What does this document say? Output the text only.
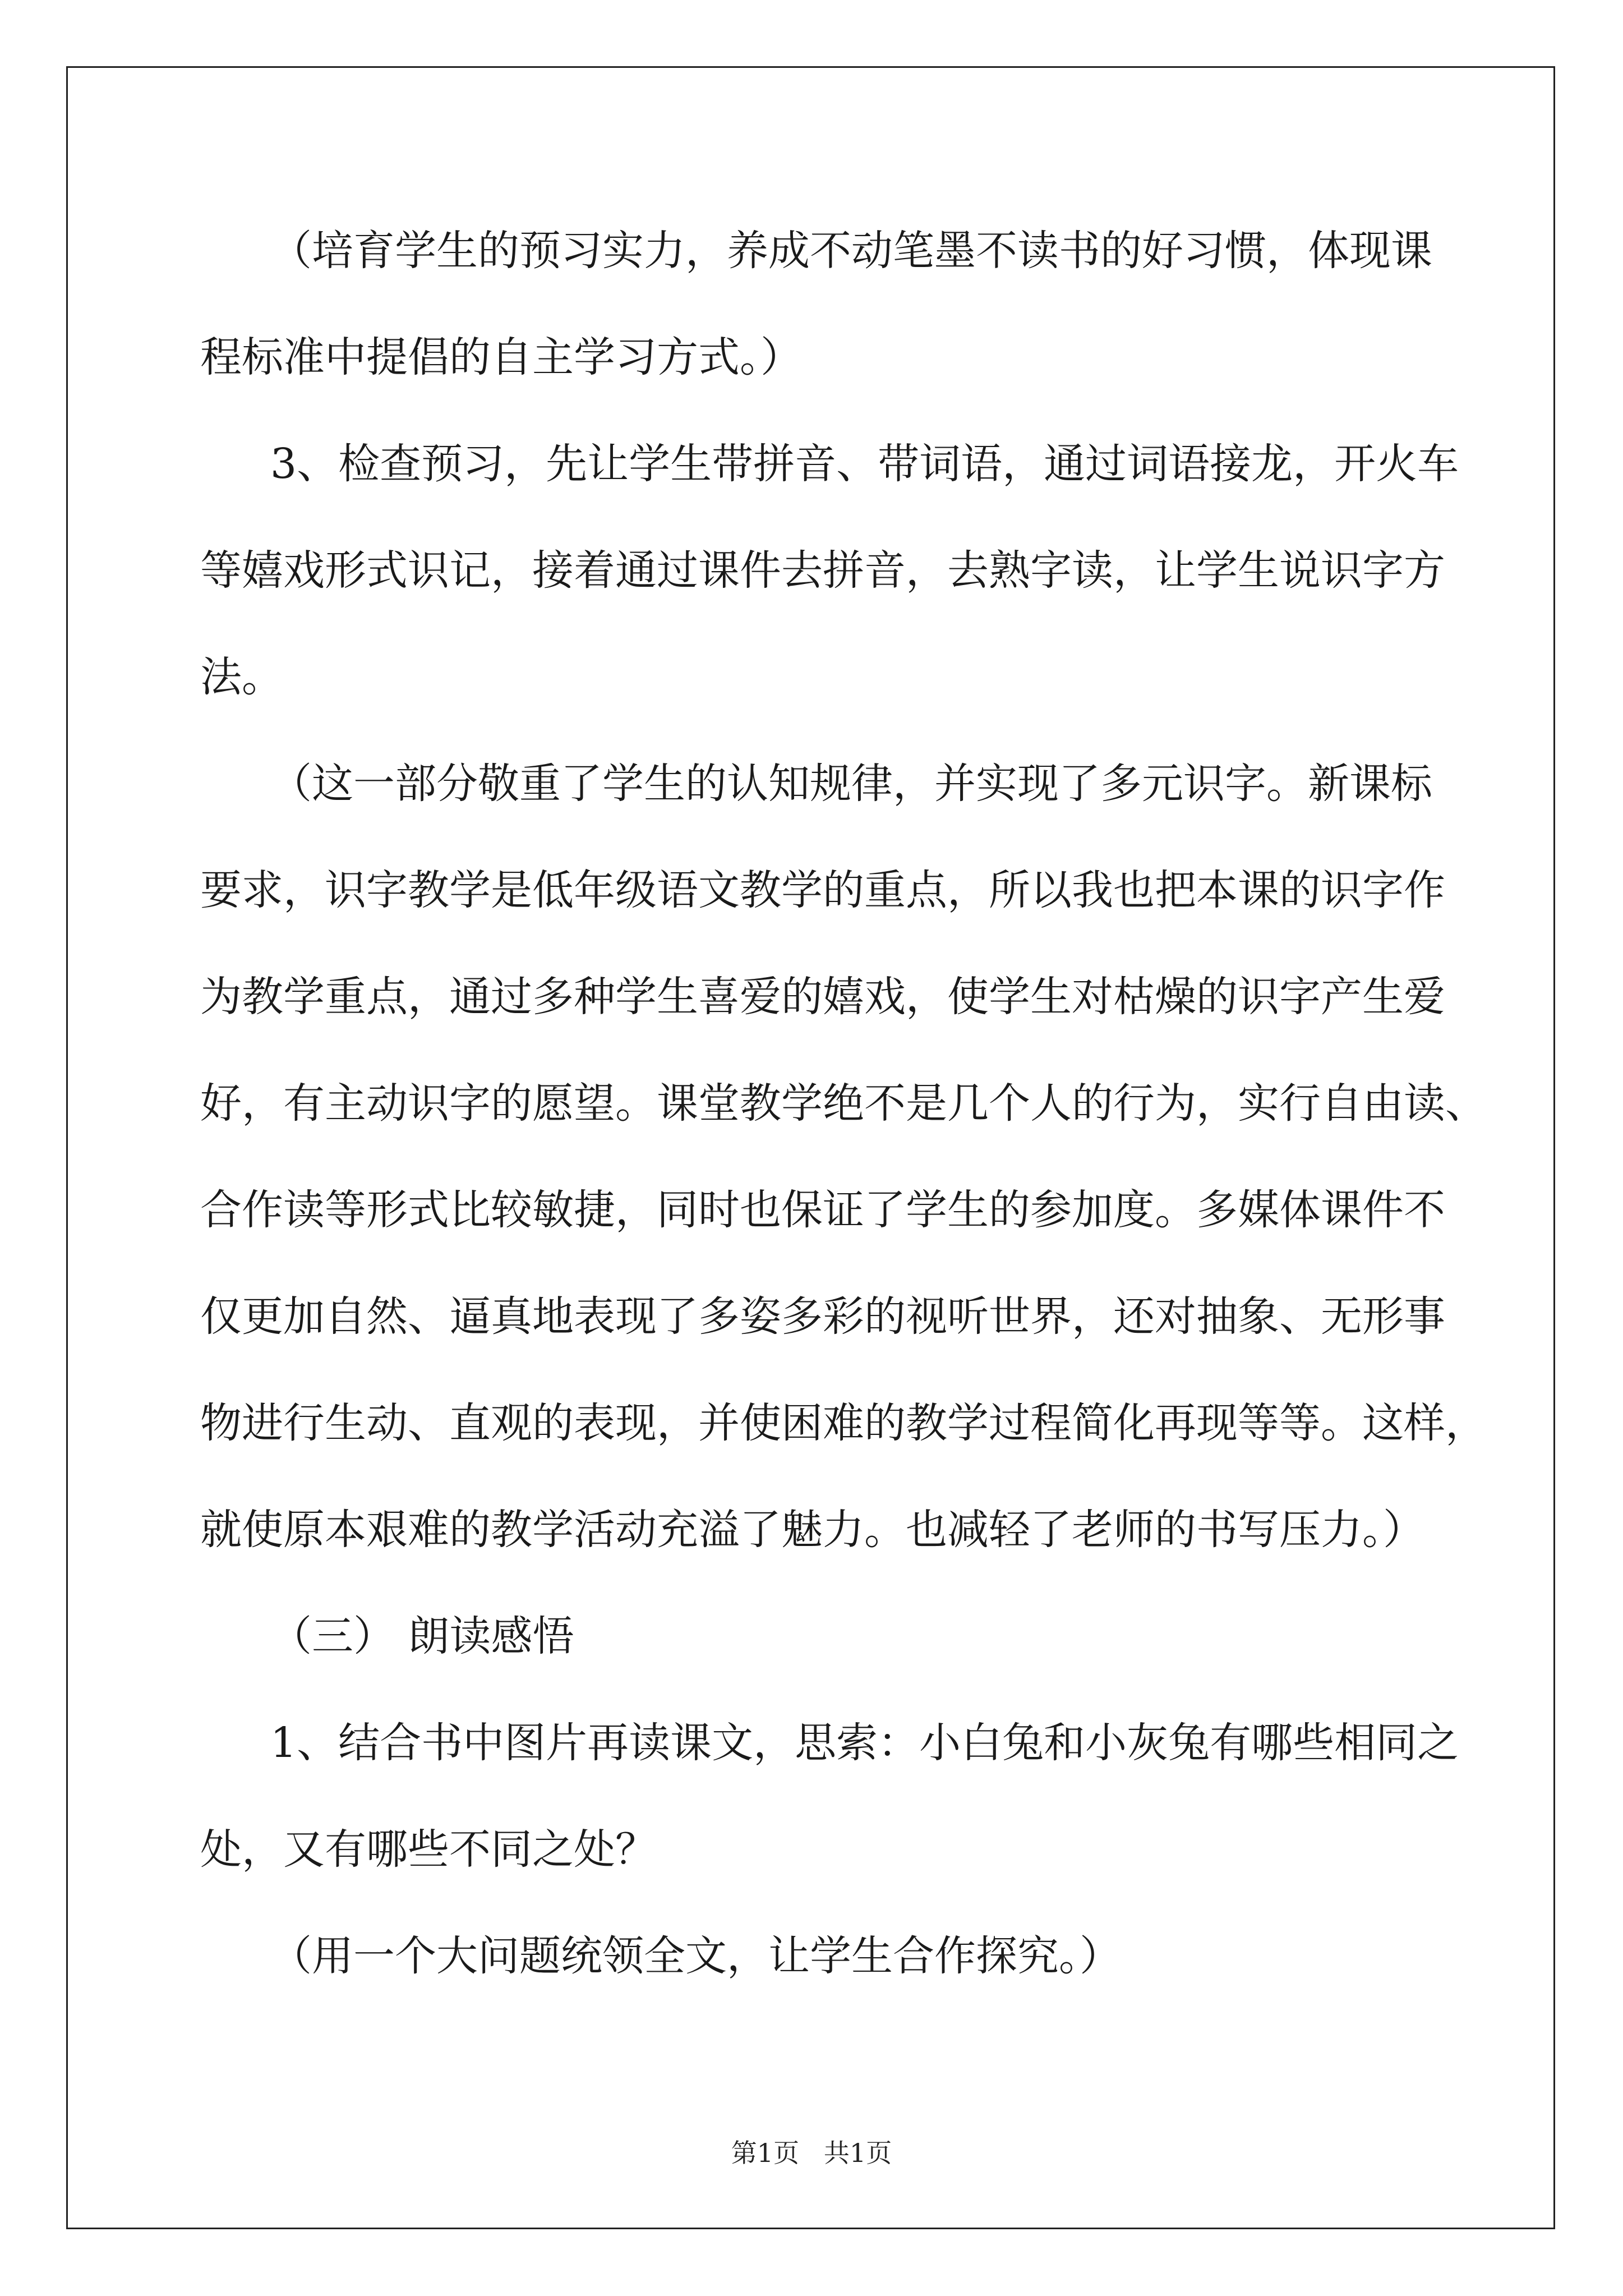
（培育学生的预习实力，养成不动笔墨不读书的好习惯，体现课
程标准中提倡的自主学习方式。）
3、检查预习，先让学生带拼音、带词语，通过词语接龙，开火车
等嬉戏形式识记，接着通过课件去拼音，去熟字读，让学生说识字方
法。
（这一部分敬重了学生的认知规律，并实现了多元识字。新课标
要求，识字教学是低年级语文教学的重点，所以我也把本课的识字作
为教学重点，通过多种学生喜爱的嬉戏，使学生对枯燥的识字产生爱
好，有主动识字的愿望。课堂教学绝不是几个人的行为，实行自由读、
合作读等形式比较敏捷，同时也保证了学生的参加度。多媒体课件不
仅更加自然、逼真地表现了多姿多彩的视听世界，还对抽象、无形事
物进行生动、直观的表现，并使困难的教学过程简化再现等等。这样，
就使原本艰难的教学活动充溢了魅力。也减轻了老师的书写压力。）
（三） 朗读感悟
1、结合书中图片再读课文，思索：小白兔和小灰兔有哪些相同之
处，又有哪些不同之处？
（用一个大问题统领全文，让学生合作探究。）
第1页   共1页
